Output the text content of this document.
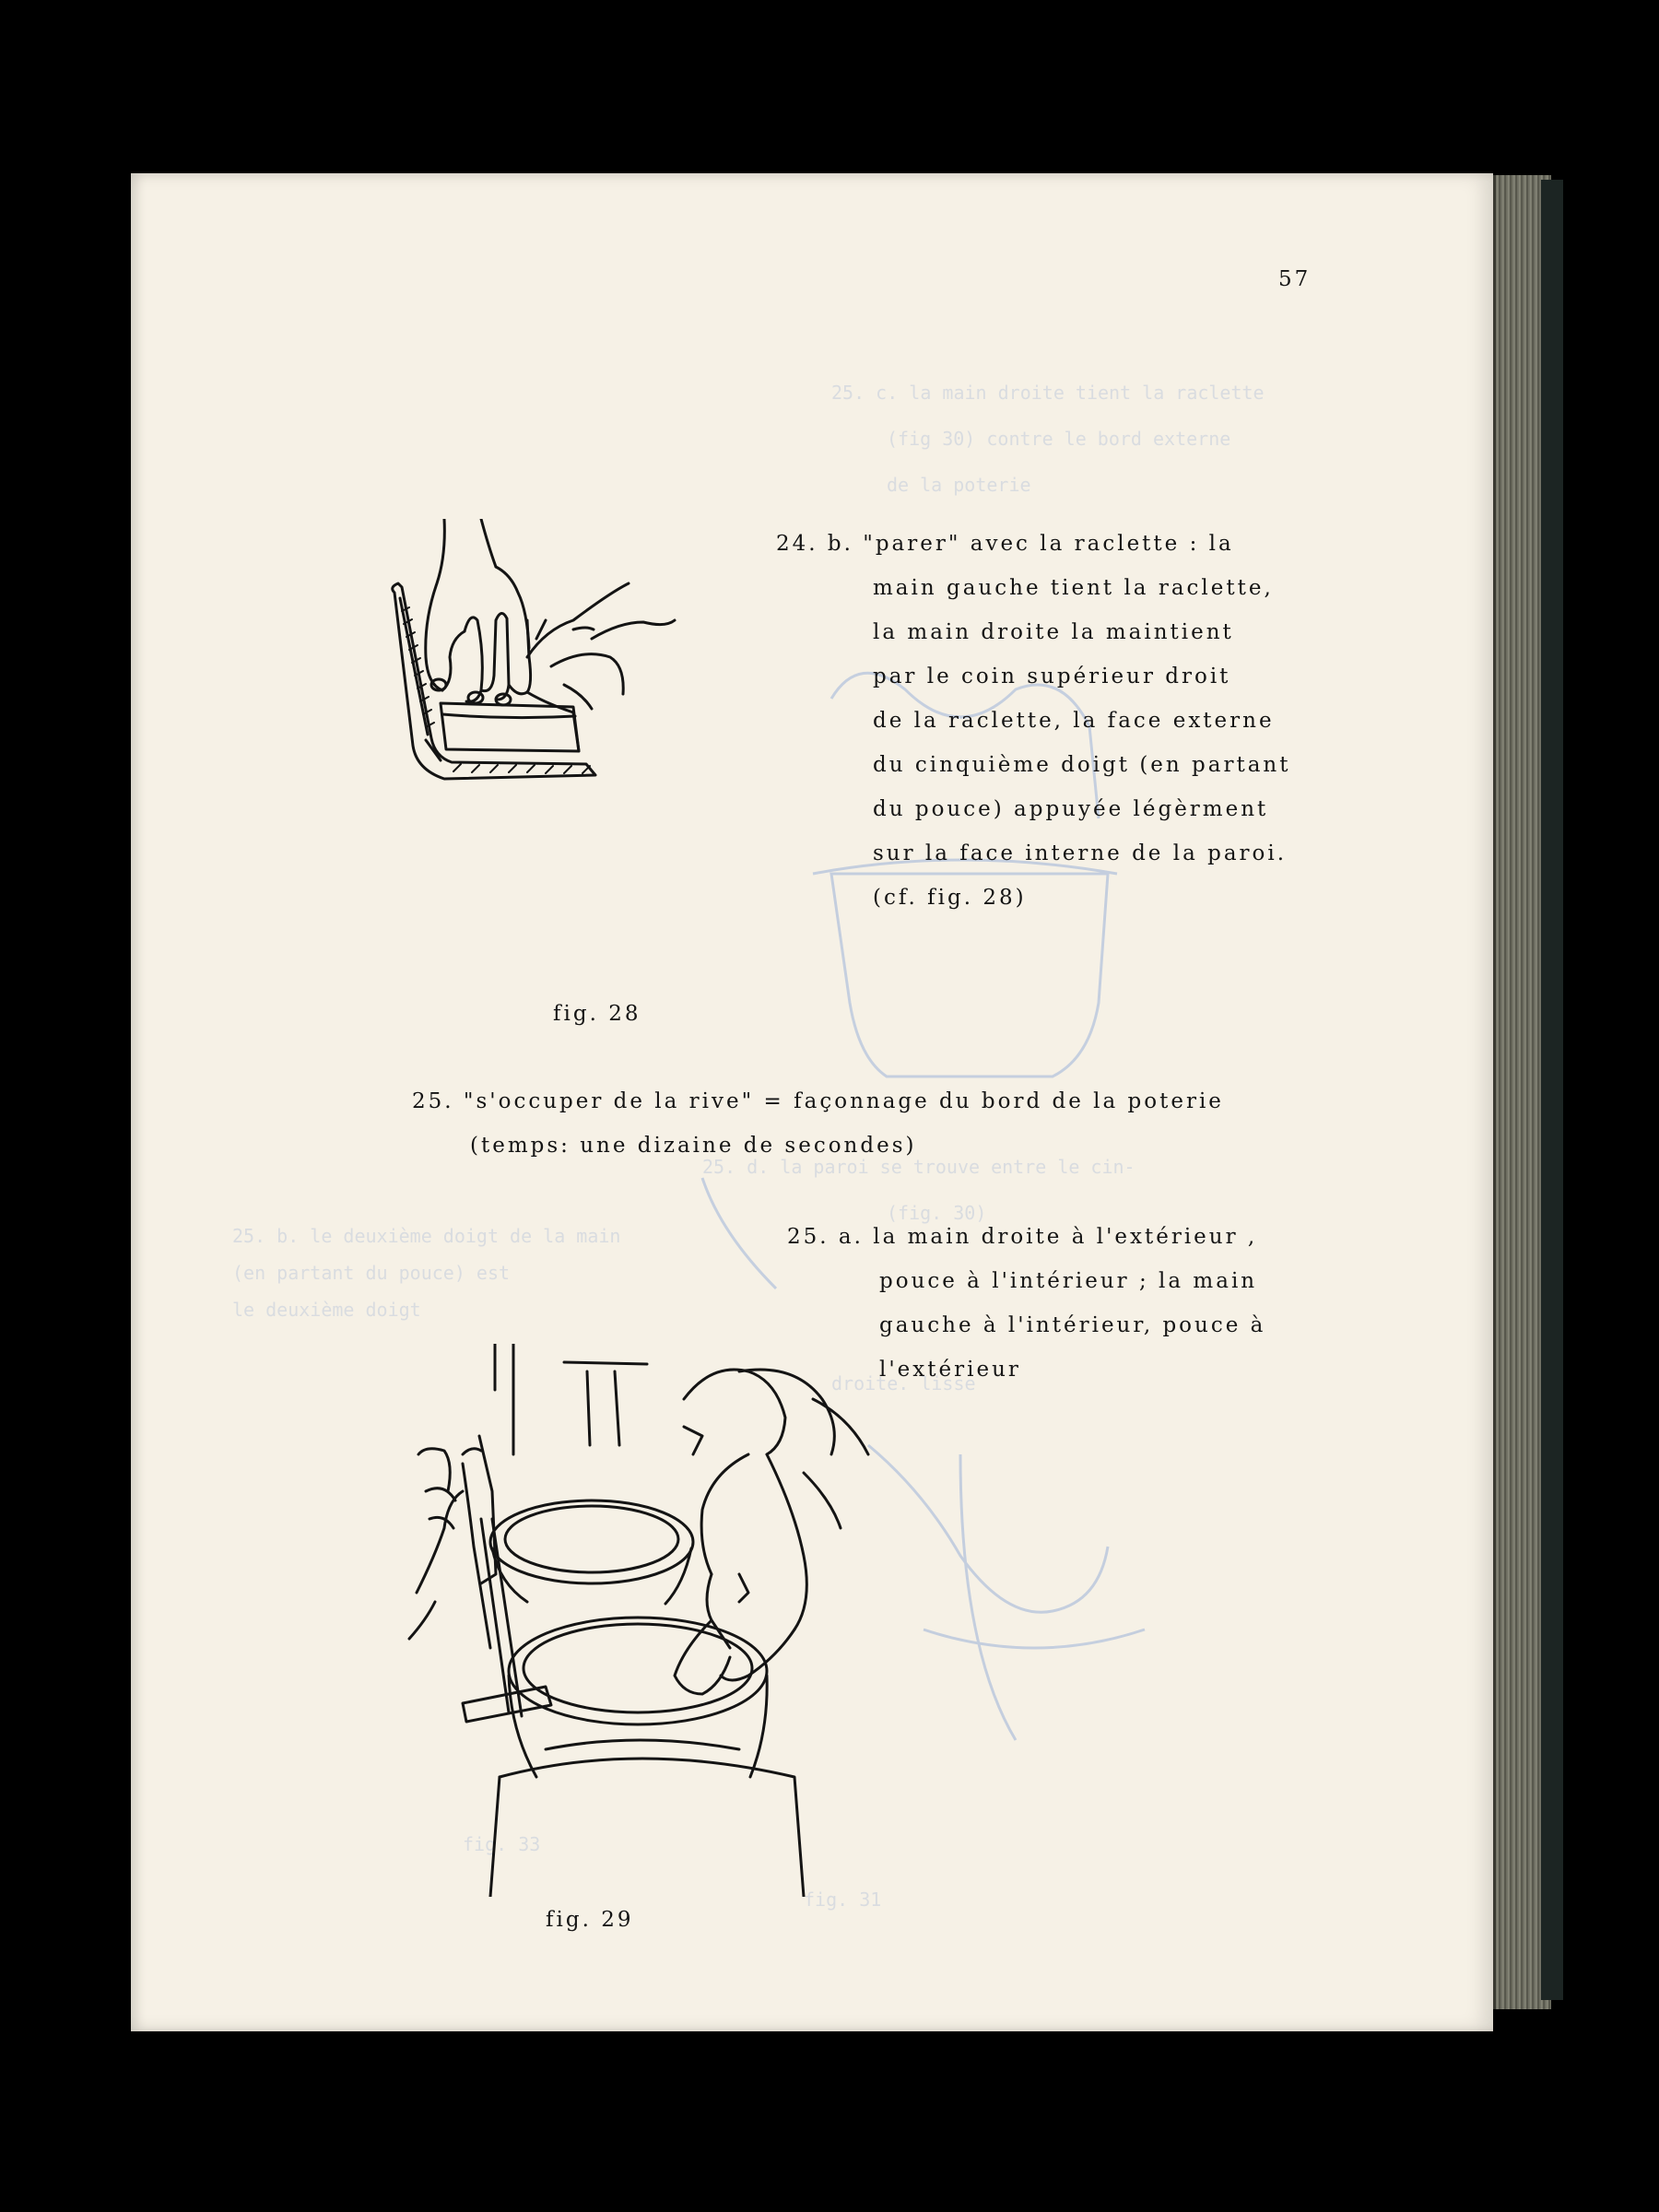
25. c. la main droite tient la raclette
(fig 30) contre le bord externe
de la poterie
25. d. la paroi se trouve entre le cin-
(fig. 30)
25. b. le deuxième doigt de la main
(en partant du pouce) est
le deuxième doigt
droite. lisse
fig. 33
fig. 31
57
fig. 28

24. b. "parer" avec la raclette : la

main gauche tient la raclette,

la main droite la maintient

par le coin supérieur droit

de la raclette, la face externe

du cinquième doigt (en partant

du pouce) appuyée légèrment

sur la face interne de la paroi.

(cf. fig. 28)

25. "s'occuper de la rive" = façonnage du bord de la poterie

(temps: une dizaine de secondes)

25. a. la main droite à l'extérieur ,

pouce à l'intérieur ; la main

gauche à l'intérieur, pouce à

l'extérieur

fig. 29
